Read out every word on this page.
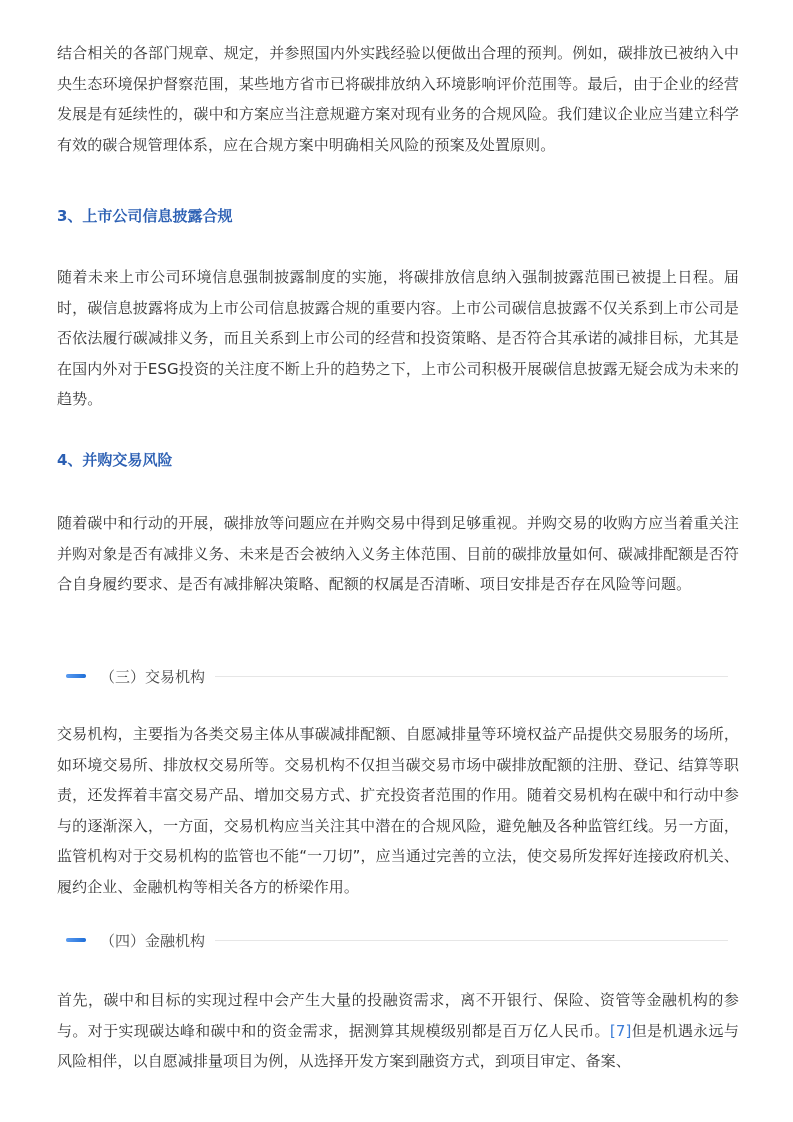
结合相关的各部门规章、规定，并参照国内外实践经验以便做出合理的预判。例如，碳排放已被纳入中央生态环境保护督察范围，某些地方省市已将碳排放纳入环境影响评价范围等。最后，由于企业的经营发展是有延续性的，碳中和方案应当注意规避方案对现有业务的合规风险。我们建议企业应当建立科学有效的碳合规管理体系，应在合规方案中明确相关风险的预案及处置原则。

3、上市公司信息披露合规

随着未来上市公司环境信息强制披露制度的实施，将碳排放信息纳入强制披露范围已被提上日程。届时，碳信息披露将成为上市公司信息披露合规的重要内容。上市公司碳信息披露不仅关系到上市公司是否依法履行碳减排义务，而且关系到上市公司的经营和投资策略、是否符合其承诺的减排目标，尤其是在国内外对于ESG投资的关注度不断上升的趋势之下，上市公司积极开展碳信息披露无疑会成为未来的趋势。

4、并购交易风险

随着碳中和行动的开展，碳排放等问题应在并购交易中得到足够重视。并购交易的收购方应当着重关注并购对象是否有减排义务、未来是否会被纳入义务主体范围、目前的碳排放量如何、碳减排配额是否符合自身履约要求、是否有减排解决策略、配额的权属是否清晰、项目安排是否存在风险等问题。

（三）交易机构

交易机构，主要指为各类交易主体从事碳减排配额、自愿减排量等环境权益产品提供交易服务的场所，如环境交易所、排放权交易所等。交易机构不仅担当碳交易市场中碳排放配额的注册、登记、结算等职责，还发挥着丰富交易产品、增加交易方式、扩充投资者范围的作用。随着交易机构在碳中和行动中参与的逐渐深入，一方面，交易机构应当关注其中潜在的合规风险，避免触及各种监管红线。另一方面，监管机构对于交易机构的监管也不能“一刀切”，应当通过完善的立法，使交易所发挥好连接政府机关、履约企业、金融机构等相关各方的桥梁作用。

（四）金融机构

首先，碳中和目标的实现过程中会产生大量的投融资需求，离不开银行、保险、资管等金融机构的参与。对于实现碳达峰和碳中和的资金需求，据测算其规模级别都是百万亿人民币。[7]但是机遇永远与风险相伴，以自愿减排量项目为例，从选择开发方案到融资方式，到项目审定、备案、
